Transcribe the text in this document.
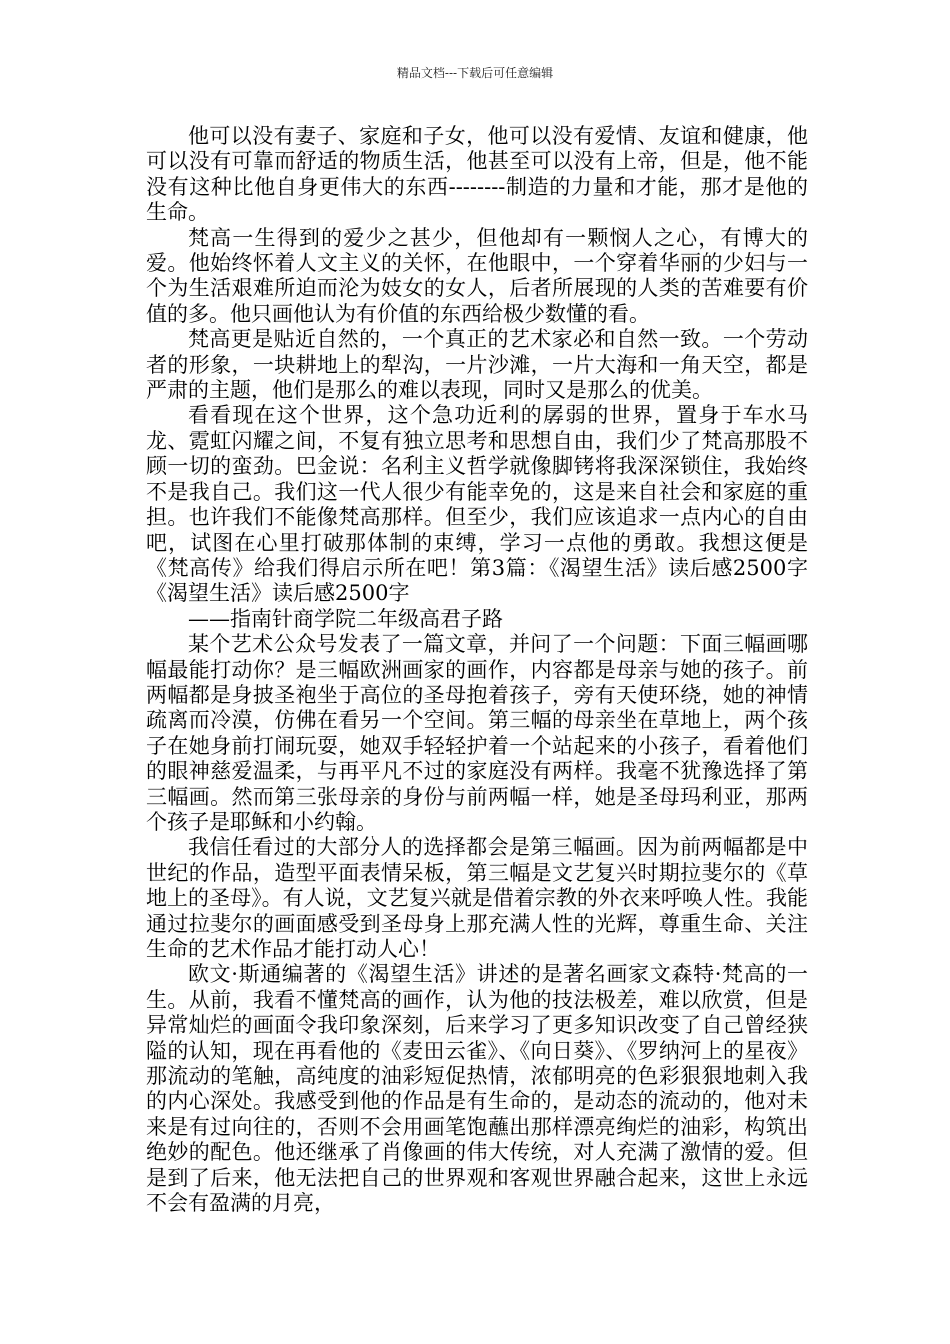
精品文档---下载后可任意编辑

他可以没有妻子、家庭和子女，他可以没有爱情、友谊和健康，他可以没有可靠而舒适的物质生活，他甚至可以没有上帝，但是，他不能没有这种比他自身更伟大的东西--------制造的力量和才能，那才是他的生命。

梵高一生得到的爱少之甚少，但他却有一颗悯人之心，有博大的爱。他始终怀着人文主义的关怀，在他眼中，一个穿着华丽的少妇与一个为生活艰难所迫而沦为妓女的女人，后者所展现的人类的苦难要有价值的多。他只画他认为有价值的东西给极少数懂的看。

梵高更是贴近自然的，一个真正的艺术家必和自然一致。一个劳动者的形象，一块耕地上的犁沟，一片沙滩，一片大海和一角天空，都是严肃的主题，他们是那么的难以表现，同时又是那么的优美。

看看现在这个世界，这个急功近利的孱弱的世界，置身于车水马龙、霓虹闪耀之间，不复有独立思考和思想自由，我们少了梵高那股不顾一切的蛮劲。巴金说：名利主义哲学就像脚铐将我深深锁住，我始终不是我自己。我们这一代人很少有能幸免的，这是来自社会和家庭的重担。也许我们不能像梵高那样。但至少，我们应该追求一点内心的自由吧，试图在心里打破那体制的束缚，学习一点他的勇敢。我想这便是《梵高传》给我们得启示所在吧！第3篇：《渴望生活》读后感2500字《渴望生活》读后感2500字

——指南针商学院二年级高君子路

某个艺术公众号发表了一篇文章，并问了一个问题：下面三幅画哪幅最能打动你？是三幅欧洲画家的画作，内容都是母亲与她的孩子。前两幅都是身披圣袍坐于高位的圣母抱着孩子，旁有天使环绕，她的神情疏离而冷漠，仿佛在看另一个空间。第三幅的母亲坐在草地上，两个孩子在她身前打闹玩耍，她双手轻轻护着一个站起来的小孩子，看着他们的眼神慈爱温柔，与再平凡不过的家庭没有两样。我毫不犹豫选择了第三幅画。然而第三张母亲的身份与前两幅一样，她是圣母玛利亚，那两个孩子是耶稣和小约翰。

我信任看过的大部分人的选择都会是第三幅画。因为前两幅都是中世纪的作品，造型平面表情呆板，第三幅是文艺复兴时期拉斐尔的《草地上的圣母》。有人说，文艺复兴就是借着宗教的外衣来呼唤人性。我能通过拉斐尔的画面感受到圣母身上那充满人性的光辉，尊重生命、关注生命的艺术作品才能打动人心！

欧文·斯通编著的《渴望生活》讲述的是著名画家文森特·梵高的一生。从前，我看不懂梵高的画作，认为他的技法极差，难以欣赏，但是异常灿烂的画面令我印象深刻，后来学习了更多知识改变了自己曾经狭隘的认知，现在再看他的《麦田云雀》、《向日葵》、《罗纳河上的星夜》那流动的笔触，高纯度的油彩短促热情，浓郁明亮的色彩狠狠地刺入我的内心深处。我感受到他的作品是有生命的，是动态的流动的，他对未来是有过向往的，否则不会用画笔饱蘸出那样漂亮绚烂的油彩，构筑出绝妙的配色。他还继承了肖像画的伟大传统，对人充满了激情的爱。但是到了后来，他无法把自己的世界观和客观世界融合起来，这世上永远不会有盈满的月亮，
